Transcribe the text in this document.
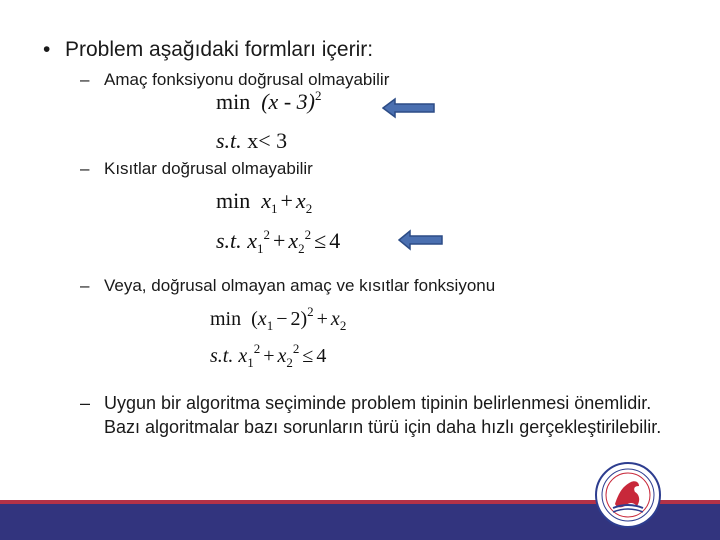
• Problem aşağıdaki formları içerir:
– Amaç fonksiyonu doğrusal olmayabilir
min (x - 3)$^2$
s.t. x< 3
– Kısıtlar doğrusal olmayabilir
$\min x_1 + x_2$
s.t. $x_1^2 + x_2^2 \le 4$
– Veya, doğrusal olmayan amaç ve kısıtlar fonksiyonu
$\min (x_1 - 2)^2 + x_2$
s.t. $x_1^2 + x_2^2 \le 4$
– Uygun bir algoritma seçiminde problem tipinin belirlenmesi önemlidir. Bazı algoritmalar bazı sorunların türü için daha hızlı gerçekleştirilebilir.
